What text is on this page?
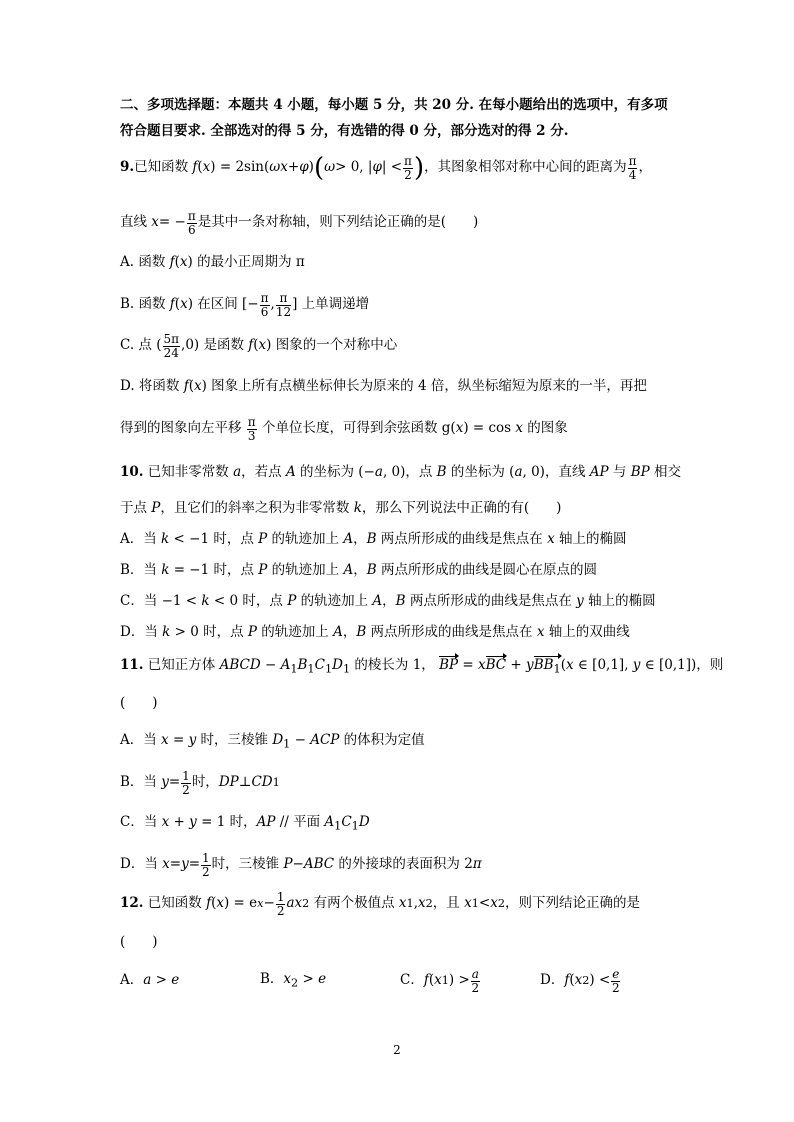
二、多项选择题：本题共 4 小题，每小题 5 分，共 20 分. 在每小题给出的选项中，有多项
符合题目要求. 全部选对的得 5 分，有选错的得 0 分，部分选对的得 2 分.
9. 已知函数 f ( x ) = 2sin( ωx + φ ) ( ω > 0, | φ | < $\frac{\pi}{2}$ ) ，其图象相邻对称中心间的距离为 $\frac{\pi}{4}$ ，
直线 x = − $\frac{\pi}{6}$ 是其中一条对称轴，则下列结论正确的是(　　)
A. 函数 f(x) 的最小正周期为 π
B. 函数 f ( x ) 在区间 [− $\frac{\pi}{6}$ , $\frac{\pi}{12}$ ] 上单调递增
C. 点 ( $\frac{5\pi}{24} ,0$) 是函数 f ( x ) 图象的一个对称中心
D. 将函数 f(x) 图象上所有点横坐标伸长为原来的 4 倍，纵坐标缩短为原来的一半，再把
得到的图象向左平移 $\frac{\pi}{3}$ 个单位长度，可得到余弦函数 g( x ) = cos x 的图象
10. 已知非零常数 a，若点 A 的坐标为 (−a, 0)，点 B 的坐标为 (a, 0)，直线 AP 与 BP 相交
于点 P，且它们的斜率之积为非零常数 k，那么下列说法中正确的有(　　)
A．当 k < −1 时，点 P 的轨迹加上 A，B 两点所形成的曲线是焦点在 x 轴上的椭圆
B．当 k = −1 时，点 P 的轨迹加上 A，B 两点所形成的曲线是圆心在原点的圆
C．当 −1 < k < 0 时，点 P 的轨迹加上 A，B 两点所形成的曲线是焦点在 y 轴上的椭圆
D．当 k > 0 时，点 P 的轨迹加上 A，B 两点所形成的曲线是焦点在 x 轴上的双曲线
11. 已知正方体 ABCD − $A_1B_1C_1D_1$ 的棱长为 1， BP = xBC + yBB$_1$(x ∈ [0,1], y ∈ [0,1])，则
(　　)
A．当 x = y 时，三棱锥 $D_1$ − ACP 的体积为定值
B．当 $y = \frac{1}{2}$ 时， DP ⊥ CD 1
C．当 x + y = 1 时，AP // 平面 $A_1C_1D$
D．当 $x = y = \frac{1}{2}$ 时，三棱锥 P − ABC 的外接球的表面积为 2 π
12. 已知函数 f ( x ) = e $x - \frac{1}{2}$ ax 2 有两个极值点 x 1 , x 2 ，且 x 1 < x 2 ，则下列结论正确的是
(　　)
A．a > e	B．$x_2 > e$	C． f ( x 1 ) > $\frac{a}{2}$	D． f ( x 2 ) < $\frac{e}{2}$
2
